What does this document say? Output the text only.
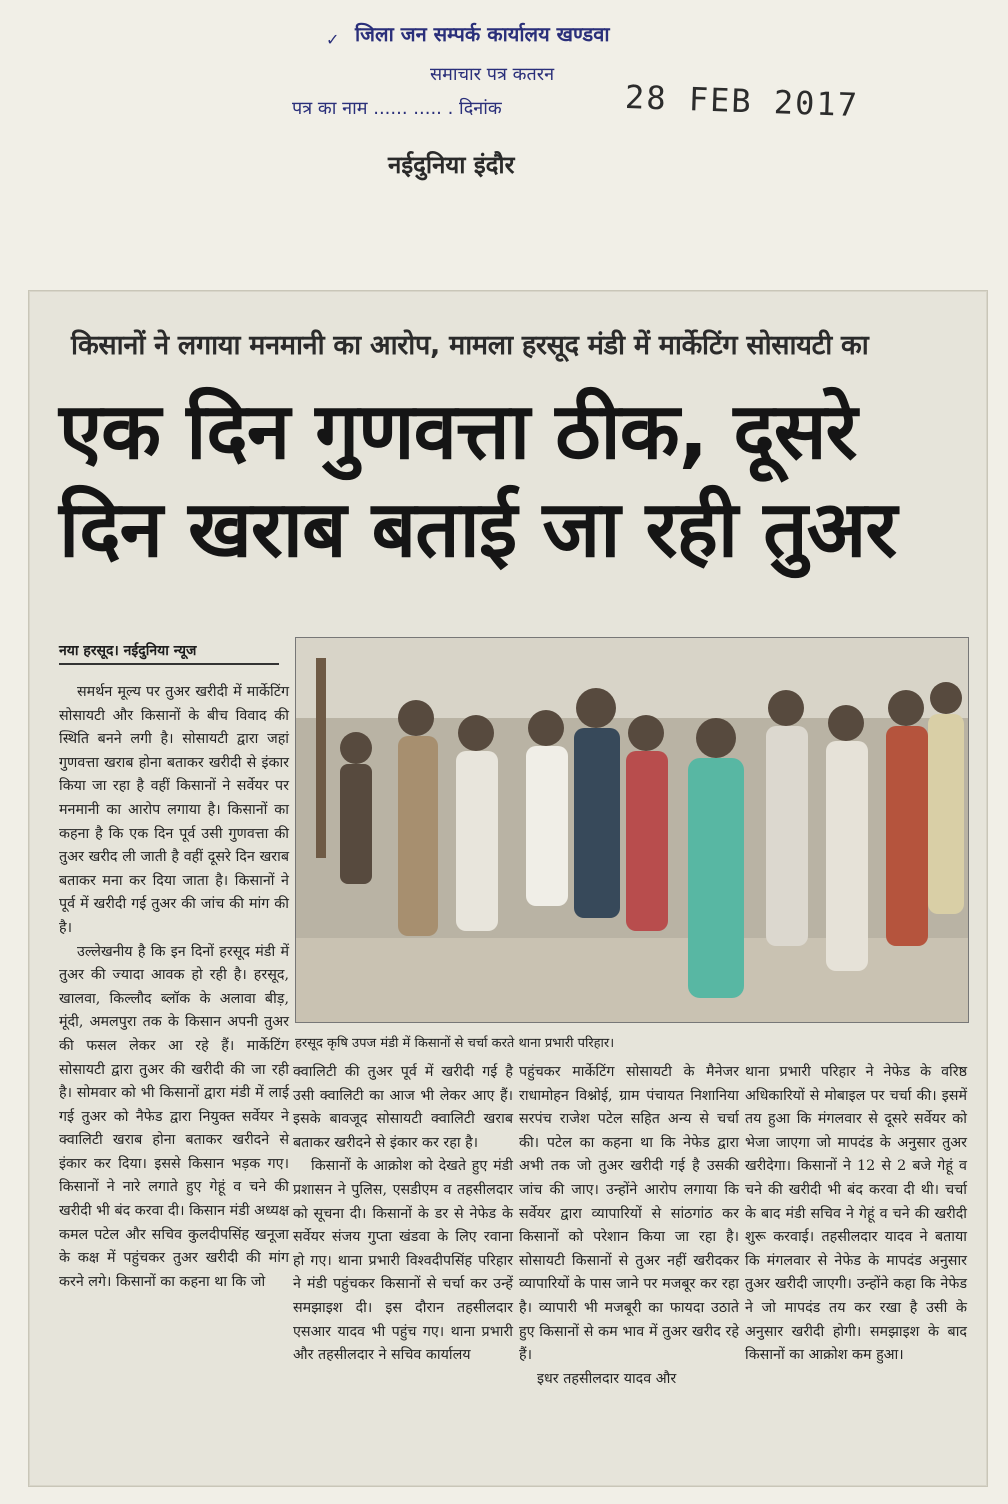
✓ जिला जन सम्पर्क कार्यालय खण्डवा
समाचार पत्र कतरन
पत्र का नाम ...... ..... . दिनांक	28 FEB 2017
नईदुनिया इंदौर
किसानों ने लगाया मनमानी का आरोप, मामला हरसूद मंडी में मार्केटिंग सोसायटी का
एक दिन गुणवत्ता ठीक, दूसरे
दिन खराब बताई जा रही तुअर
नया हरसूद। नईदुनिया न्यूज

समर्थन मूल्य पर तुअर खरीदी में मार्केटिंग सोसायटी और किसानों के बीच विवाद की स्थिति बनने लगी है। सोसायटी द्वारा जहां गुणवत्ता खराब होना बताकर खरीदी से इंकार किया जा रहा है वहीं किसानों ने सर्वेयर पर मनमानी का आरोप लगाया है। किसानों का कहना है कि एक दिन पूर्व उसी गुणवत्ता की तुअर खरीद ली जाती है वहीं दूसरे दिन खराब बताकर मना कर दिया जाता है। किसानों ने पूर्व में खरीदी गई तुअर की जांच की मांग की है।

उल्लेखनीय है कि इन दिनों हरसूद मंडी में तुअर की ज्यादा आवक हो रही है। हरसूद, खालवा, किल्लौद ब्लॉक के अलावा बीड़, मूंदी, अमलपुरा तक के किसान अपनी तुअर की फसल लेकर आ रहे हैं। मार्केटिंग सोसायटी द्वारा तुअर की खरीदी की जा रही है। सोमवार को भी किसानों द्वारा मंडी में लाई गई तुअर को नैफेड द्वारा नियुक्त सर्वेयर ने क्वालिटी खराब होना बताकर खरीदने से इंकार कर दिया। इससे किसान भड़क गए। किसानों ने नारे लगाते हुए गेहूं व चने की खरीदी भी बंद करवा दी। किसान मंडी अध्यक्ष कमल पटेल और सचिव कुलदीपसिंह खनूजा के कक्ष में पहुंचकर तुअर खरीदी की मांग करने लगे। किसानों का कहना था कि जो

हरसूद कृषि उपज मंडी में किसानों से चर्चा करते थाना प्रभारी परिहार।

क्वालिटी की तुअर पूर्व में खरीदी गई है उसी क्वालिटी का आज भी लेकर आए हैं। इसके बावजूद सोसायटी क्वालिटी खराब बताकर खरीदने से इंकार कर रहा है।

किसानों के आक्रोश को देखते हुए मंडी प्रशासन ने पुलिस, एसडीएम व तहसीलदार को सूचना दी। किसानों के डर से नेफेड के सर्वेयर संजय गुप्ता खंडवा के लिए रवाना हो गए। थाना प्रभारी विश्वदीपसिंह परिहार ने मंडी पहुंचकर किसानों से चर्चा कर उन्हें समझाइश दी। इस दौरान तहसीलदार एसआर यादव भी पहुंच गए। थाना प्रभारी और तहसीलदार ने सचिव कार्यालय

पहुंचकर मार्केटिंग सोसायटी के मैनेजर राधामोहन विश्नोई, ग्राम पंचायत निशानिया सरपंच राजेश पटेल सहित अन्य से चर्चा की। पटेल का कहना था कि नेफेड द्वारा अभी तक जो तुअर खरीदी गई है उसकी जांच की जाए। उन्होंने आरोप लगाया कि सर्वेयर द्वारा व्यापारियों से सांठगांठ कर किसानों को परेशान किया जा रहा है। सोसायटी किसानों से तुअर नहीं खरीदकर व्यापारियों के पास जाने पर मजबूर कर रहा है। व्यापारी भी मजबूरी का फायदा उठाते हुए किसानों से कम भाव में तुअर खरीद रहे हैं।

इधर तहसीलदार यादव और

थाना प्रभारी परिहार ने नेफेड के वरिष्ठ अधिकारियों से मोबाइल पर चर्चा की। इसमें तय हुआ कि मंगलवार से दूसरे सर्वेयर को भेजा जाएगा जो मापदंड के अनुसार तुअर खरीदेगा। किसानों ने 12 से 2 बजे गेहूं व चने की खरीदी भी बंद करवा दी थी। चर्चा के बाद मंडी सचिव ने गेहूं व चने की खरीदी शुरू करवाई। तहसीलदार यादव ने बताया कि मंगलवार से नेफेड के मापदंड अनुसार तुअर खरीदी जाएगी। उन्होंने कहा कि नेफेड ने जो मापदंड तय कर रखा है उसी के अनुसार खरीदी होगी। समझाइश के बाद किसानों का आक्रोश कम हुआ।
